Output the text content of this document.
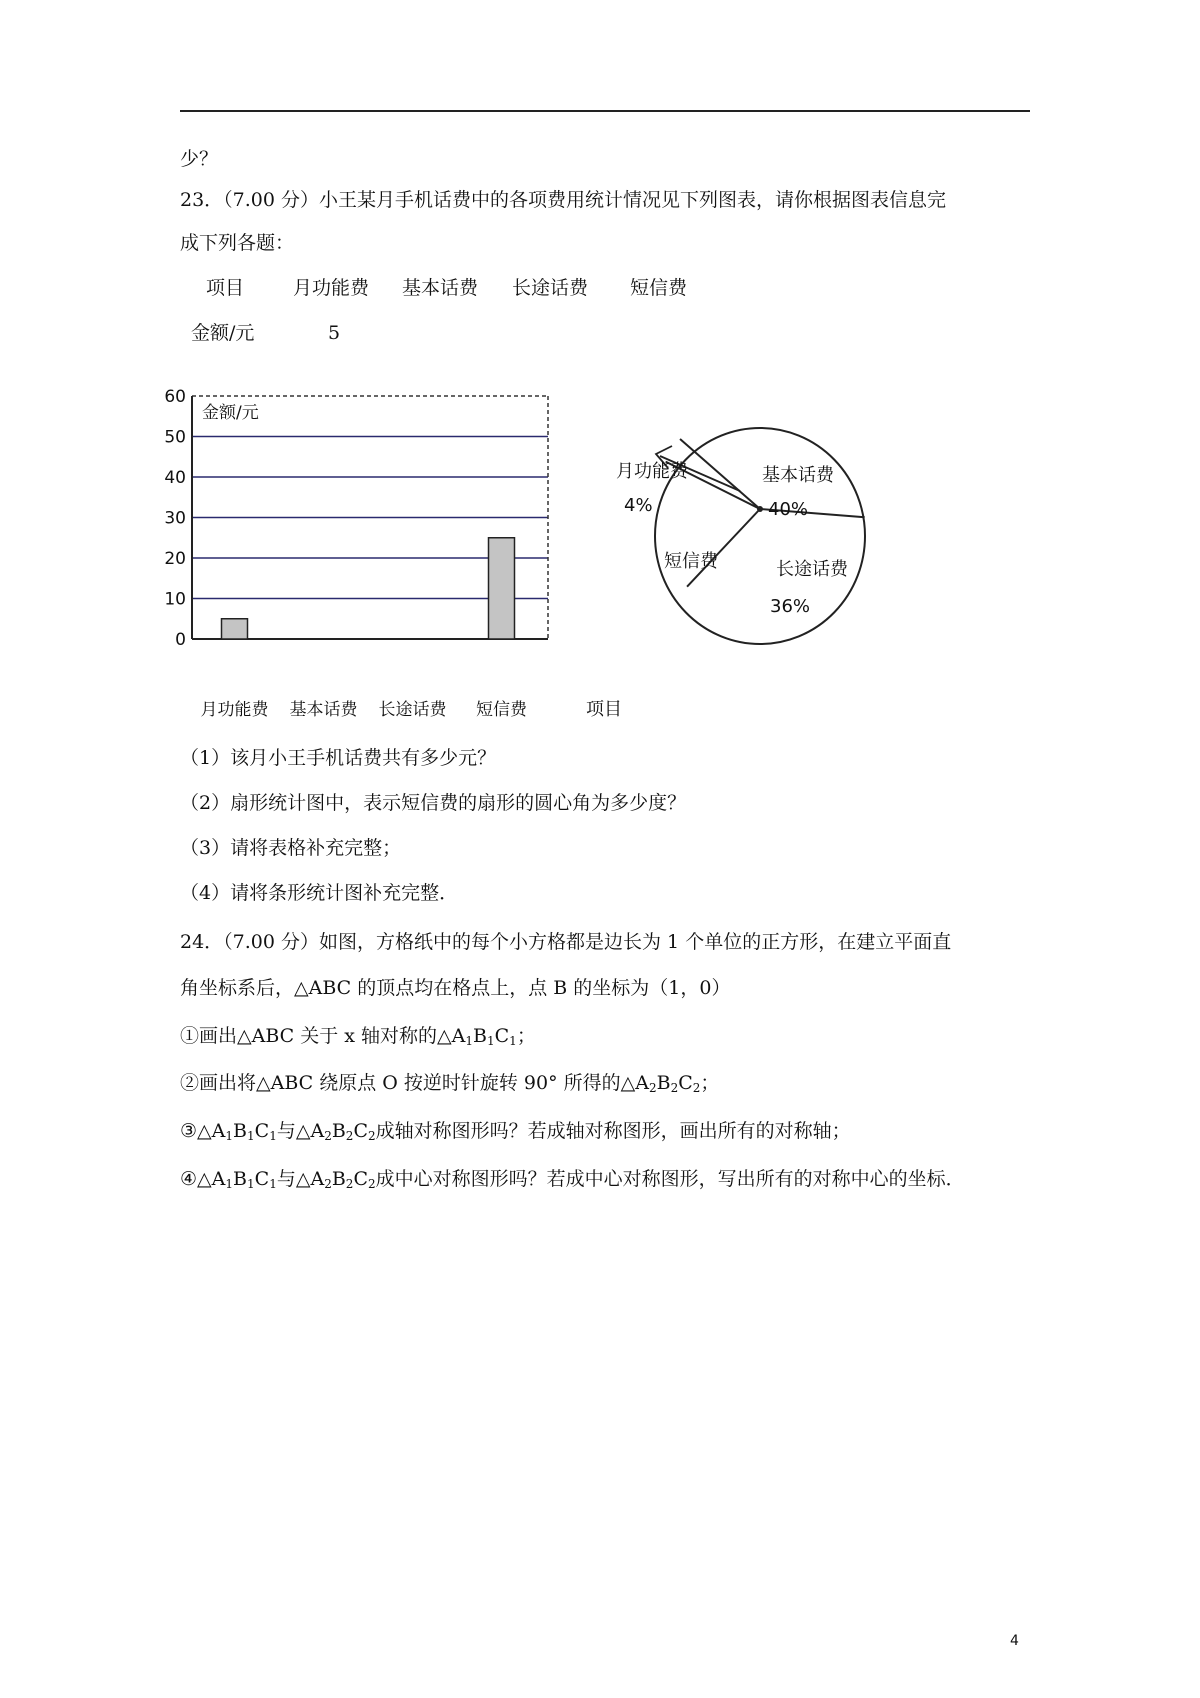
少？
23．（7.00 分）小王某月手机话费中的各项费用统计情况见下列图表，请你根据图表信息完
成下列各题：
项目	月功能费 基本话费 长途话费 短信费
金额/元	5
金额/元
0
10
20
30
40
50
60
月功能费 基本话费 长途话费 短信费	项目
月功能费
4%
基本话费
40%
长途话费
36%
短信费
（1）该月小王手机话费共有多少元？
（2）扇形统计图中，表示短信费的扇形的圆心角为多少度？
（3）请将表格补充完整；
（4）请将条形统计图补充完整．
24．（7.00 分）如图，方格纸中的每个小方格都是边长为 1 个单位的正方形，在建立平面直
角坐标系后，△ABC 的顶点均在格点上，点 B 的坐标为（1，0）
①画出△ABC 关于 x 轴对称的$\triangle A_1B_1C_1$；
②画出将△ABC 绕原点 O 按逆时针旋转 90° 所得的$\triangle A_2B_2C_2$；
$③\triangle A_1B_1C_1$与$\triangle A_2B_2C_2$成轴对称图形吗？若成轴对称图形，画出所有的对称轴；
$④\triangle A_1B_1C_1$与$\triangle A_2B_2C_2$成中心对称图形吗？若成中心对称图形，写出所有的对称中心的坐标．
4
